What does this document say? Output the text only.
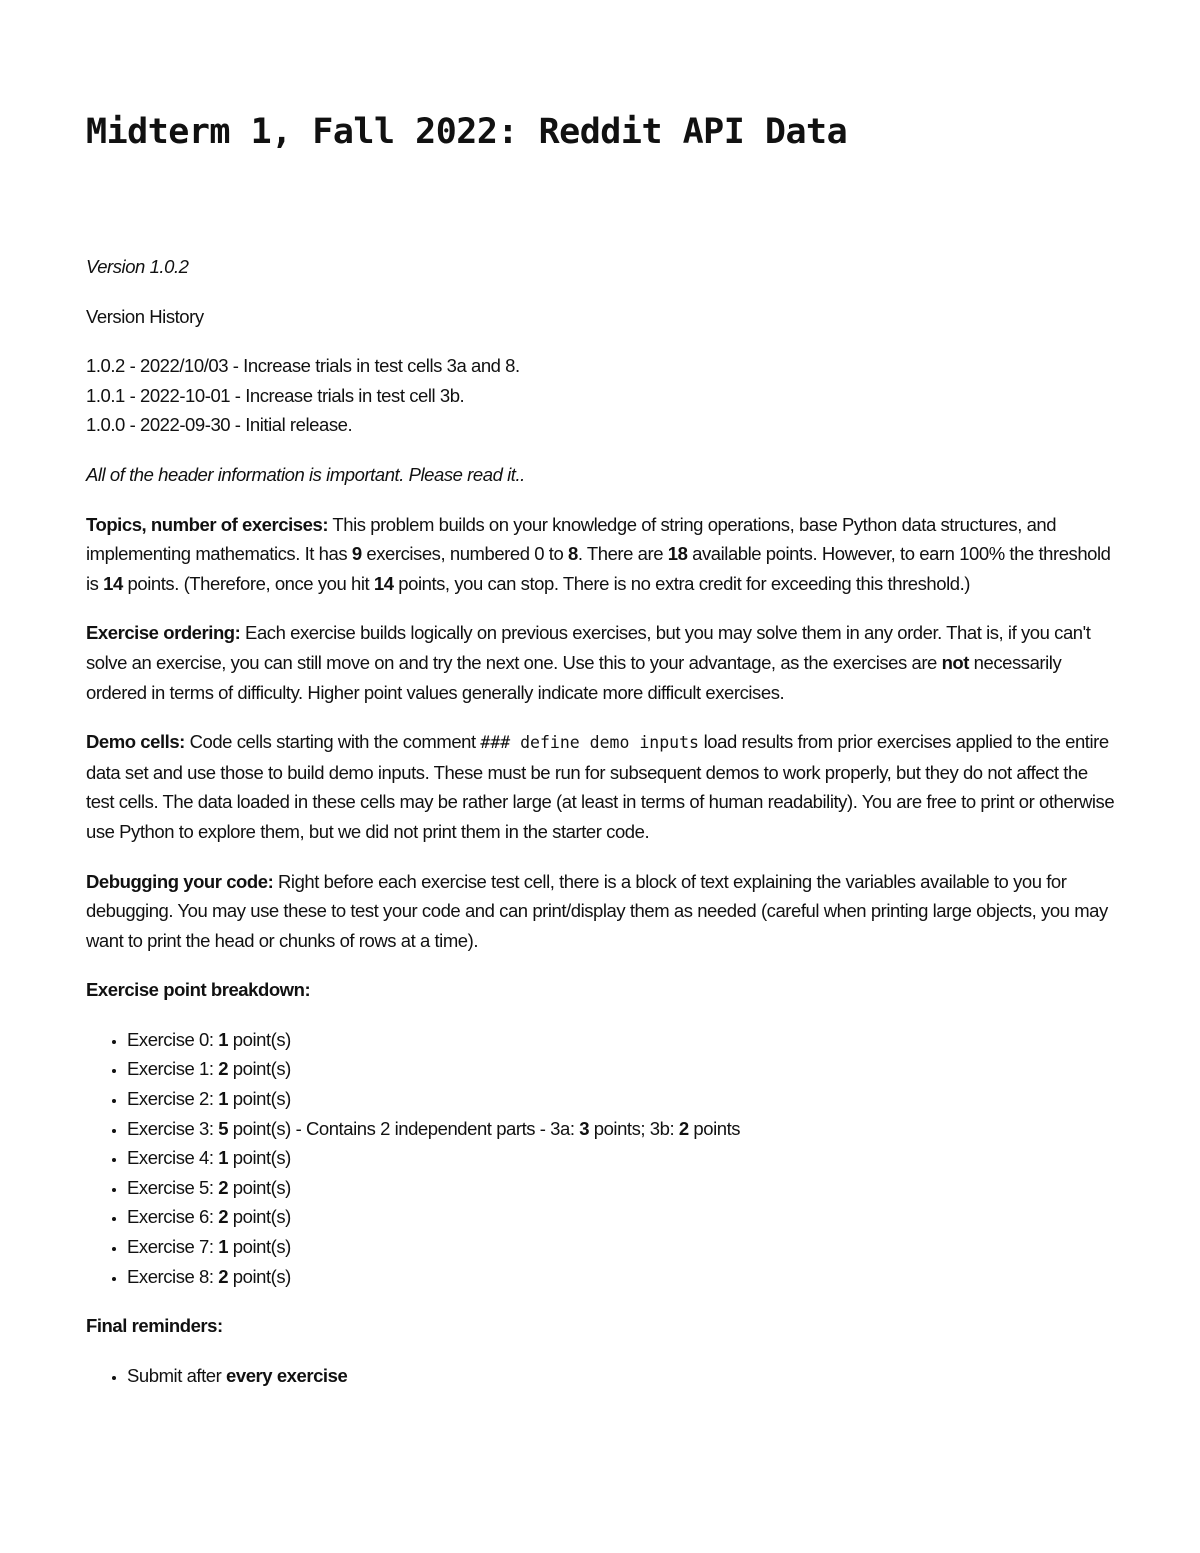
Midterm 1, Fall 2022: Reddit API Data

Version 1.0.2

Version History

1.0.2 - 2022/10/03 - Increase trials in test cells 3a and 8.
1.0.1 - 2022-10-01 - Increase trials in test cell 3b.
1.0.0 - 2022-09-30 - Initial release.

All of the header information is important. Please read it..

Topics, number of exercises: This problem builds on your knowledge of string operations, base Python data structures, and implementing mathematics. It has 9 exercises, numbered 0 to 8. There are 18 available points. However, to earn 100% the threshold is 14 points. (Therefore, once you hit 14 points, you can stop. There is no extra credit for exceeding this threshold.)

Exercise ordering: Each exercise builds logically on previous exercises, but you may solve them in any order. That is, if you can't solve an exercise, you can still move on and try the next one. Use this to your advantage, as the exercises are not necessarily ordered in terms of difficulty. Higher point values generally indicate more difficult exercises.

Demo cells: Code cells starting with the comment ### define demo inputs load results from prior exercises applied to the entire data set and use those to build demo inputs. These must be run for subsequent demos to work properly, but they do not affect the test cells. The data loaded in these cells may be rather large (at least in terms of human readability). You are free to print or otherwise use Python to explore them, but we did not print them in the starter code.

Debugging your code: Right before each exercise test cell, there is a block of text explaining the variables available to you for debugging. You may use these to test your code and can print/display them as needed (careful when printing large objects, you may want to print the head or chunks of rows at a time).

Exercise point breakdown:

• Exercise 0: 1 point(s)
• Exercise 1: 2 point(s)
• Exercise 2: 1 point(s)
• Exercise 3: 5 point(s) - Contains 2 independent parts - 3a: 3 points; 3b: 2 points
• Exercise 4: 1 point(s)
• Exercise 5: 2 point(s)
• Exercise 6: 2 point(s)
• Exercise 7: 1 point(s)
• Exercise 8: 2 point(s)

Final reminders:

• Submit after every exercise
